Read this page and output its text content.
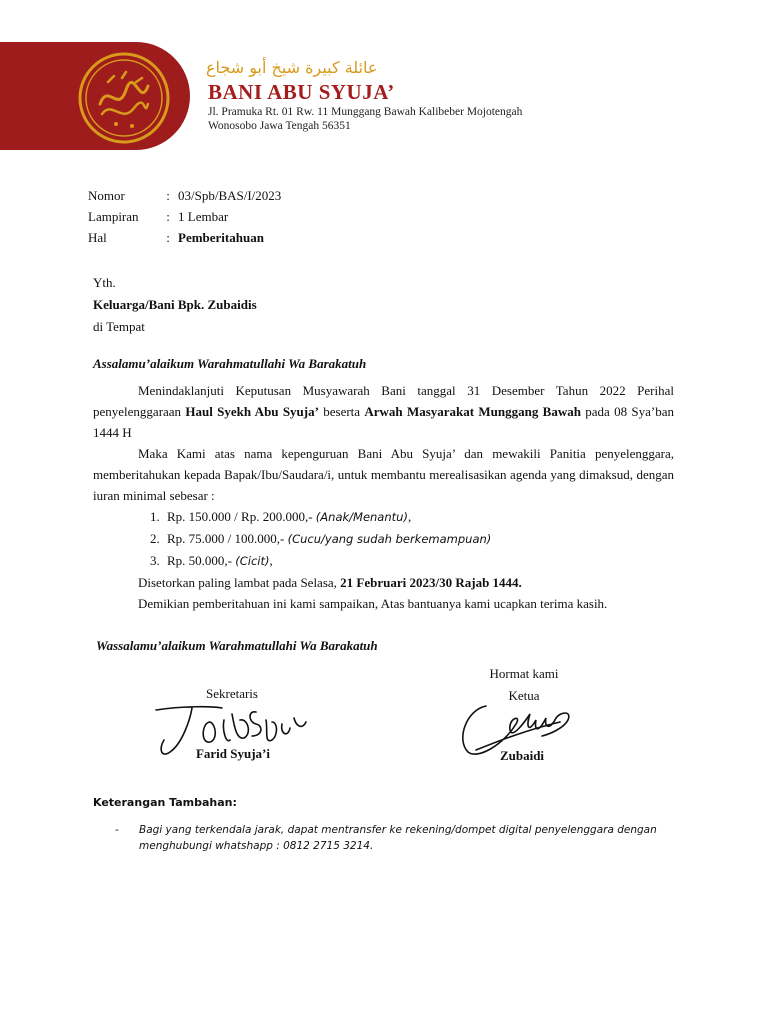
عائلة كبيرة شيخ أبو شجاع
BANI ABU SYUJA’
Jl. Pramuka Rt. 01 Rw. 11 Munggang Bawah Kalibeber Mojotengah
Wonosobo Jawa Tengah 56351
Nomor	: 03/Spb/BAS/I/2023
Lampiran	: 1 Lembar
Hal	: Pemberitahuan
Yth.
Keluarga/Bani Bpk. Zubaidis
di Tempat
Assalamu’alaikum Warahmatullahi Wa Barakatuh

Menindaklanjuti Keputusan Musyawarah Bani tanggal 31 Desember Tahun 2022 Perihal penyelenggaraan Haul Syekh Abu Syuja’ beserta Arwah Masyarakat Munggang Bawah pada 08 Sya’ban 1444 H

Maka Kami atas nama kepenguruan Bani Abu Syuja’ dan mewakili Panitia penyelenggara, memberitahukan kepada Bapak/Ibu/Saudara/i, untuk membantu merealisasikan agenda yang dimaksud, dengan iuran minimal sebesar :

1. Rp. 150.000 / Rp. 200.000,- (Anak/Menantu),
2. Rp. 75.000 / 100.000,- (Cucu/yang sudah berkemampuan)
3. Rp. 50.000,- (Cicit),

Disetorkan paling lambat pada Selasa, 21 Februari 2023/30 Rajab 1444.

Demikian pemberitahuan ini kami sampaikan, Atas bantuanya kami ucapkan terima kasih.

Wassalamu’alaikum Warahmatullahi Wa Barakatuh
Sekretaris
Farid Syuja’i
Hormat kami
Ketua
Zubaidi
Keterangan Tambahan:
- Bagi yang terkendala jarak, dapat mentransfer ke rekening/dompet digital penyelenggara dengan menghubungi whatshapp : 0812 2715 3214.
